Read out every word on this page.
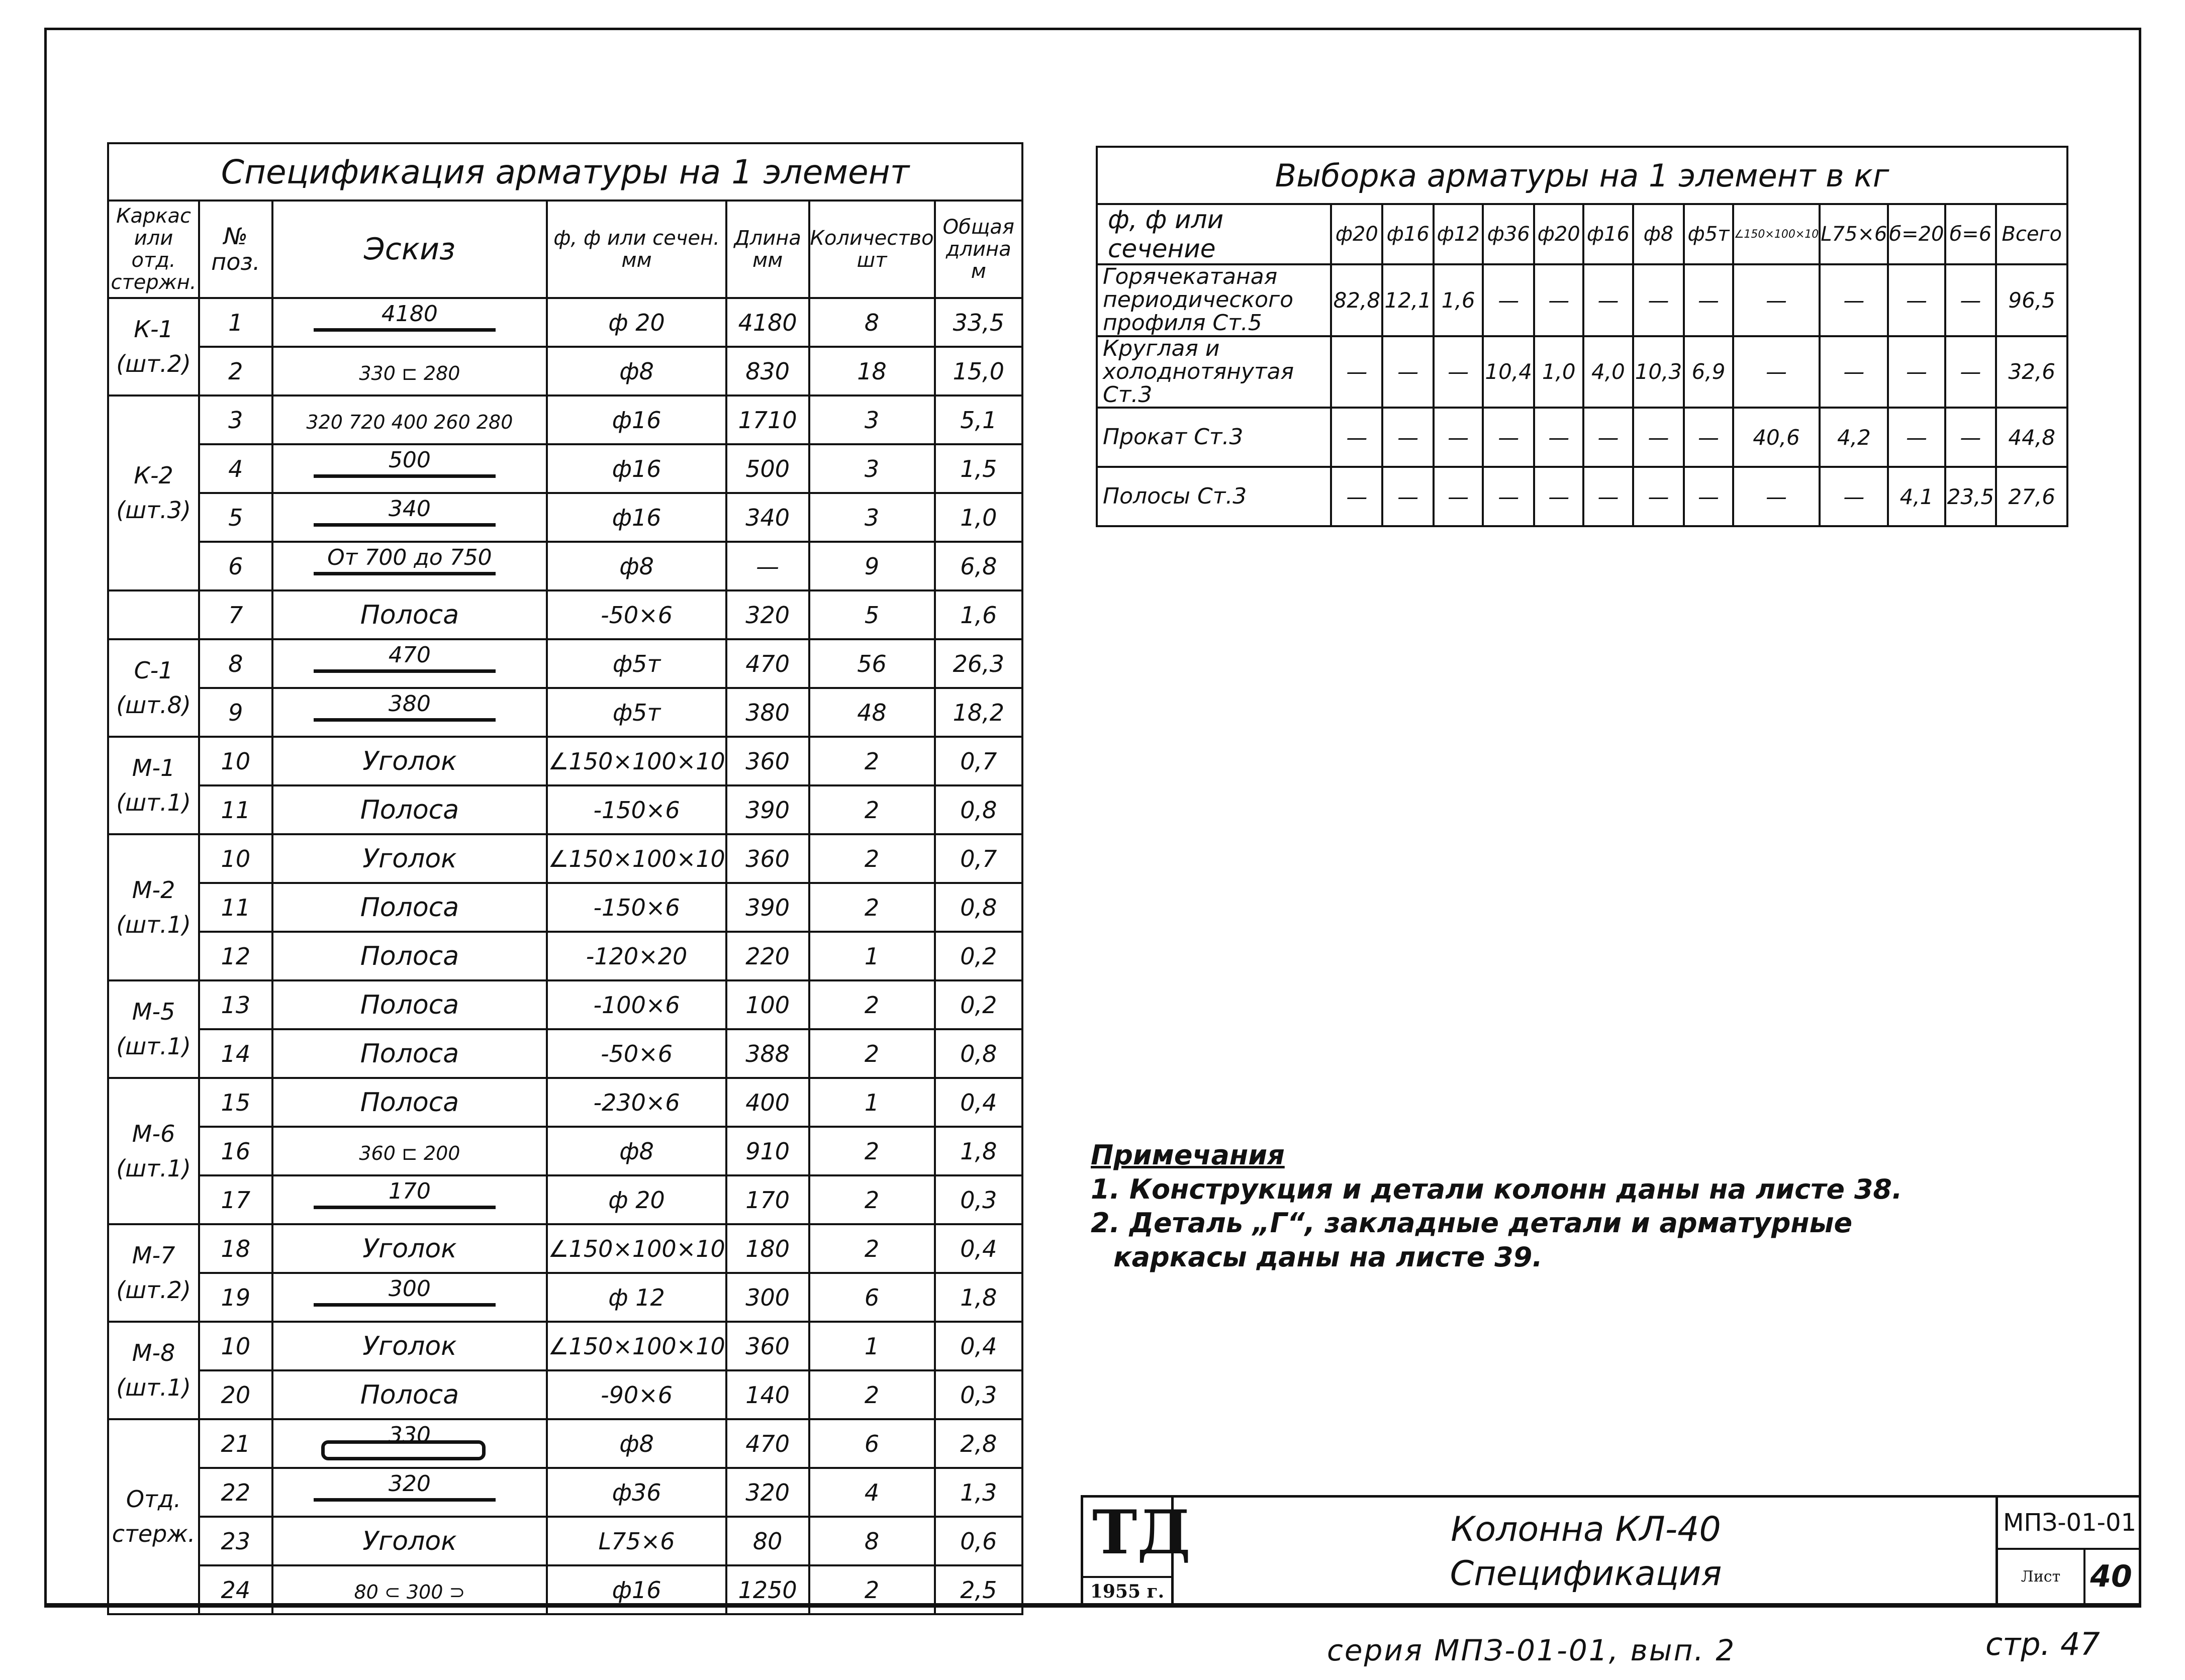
Спецификация арматуры на 1 элемент						
Каркас или отд. стержн.	№ поз.	Эскиз	ф, ф или сечен. мм	Длина мм	Количество шт	Общая длина м
К-1
(шт.2)	1	4180	ф 20	4180	8	33,5
	2	330 ⊏ 280	ф8	830	18	15,0
К-2
(шт.3)	3	320 720 400 260 280	ф16	1710	3	5,1
	4	500	ф16	500	3	1,5
	5	340	ф16	340	3	1,0
	6	От 700 до 750	ф8	—	9	6,8
	7	Полоса	-50×6	320	5	1,6
С-1
(шт.8)	8	470	ф5т	470	56	26,3
	9	380	ф5т	380	48	18,2
М-1
(шт.1)	10	Уголок	∠150×100×10	360	2	0,7
	11	Полоса	-150×6	390	2	0,8
М-2
(шт.1)	10	Уголок	∠150×100×10	360	2	0,7
	11	Полоса	-150×6	390	2	0,8
	12	Полоса	-120×20	220	1	0,2
М-5
(шт.1)	13	Полоса	-100×6	100	2	0,2
	14	Полоса	-50×6	388	2	0,8
М-6
(шт.1)	15	Полоса	-230×6	400	1	0,4
	16	360 ⊏ 200	ф8	910	2	1,8
	17	170	ф 20	170	2	0,3
М-7
(шт.2)	18	Уголок	∠150×100×10	180	2	0,4
	19	300	ф 12	300	6	1,8
М-8
(шт.1)	10	Уголок	∠150×100×10	360	1	0,4
	20	Полоса	-90×6	140	2	0,3
Отд.
стерж.	21	330	ф8	470	6	2,8
	22	320	ф36	320	4	1,3
	23	Уголок	L75×6	80	8	0,6
	24	80 ⊂ 300 ⊃	ф16	1250	2	2,5
Выборка арматуры на 1 элемент в кг													
ф, ф или сечение	ф20	ф16	ф12	ф36	ф20	ф16	ф8	ф5т	∠150×100×10	L75×6	б=20	б=6	Всего
Горячекатаная периодического профиля Ст.5	82,8	12,1	1,6	—	—	—	—	—	—	—	—	—	96,5
Круглая и холоднотянутая Ст.3	—	—	—	10,4	1,0	4,0	10,3	6,9	—	—	—	—	32,6
Прокат Ст.3	—	—	—	—	—	—	—	—	40,6	4,2	—	—	44,8
Полосы Ст.3	—	—	—	—	—	—	—	—	—	—	4,1	23,5	27,6
Примечания
1. Конструкция и детали колонн даны на листе 38.
2. Деталь „Г“, закладные детали и арматурные
каркасы даны на листе 39.
ТД
1955 г.
Колонна КЛ-40
Спецификация
МПЗ-01-01
Лист 40
серия МПЗ-01-01, вып. 2	стр. 47
